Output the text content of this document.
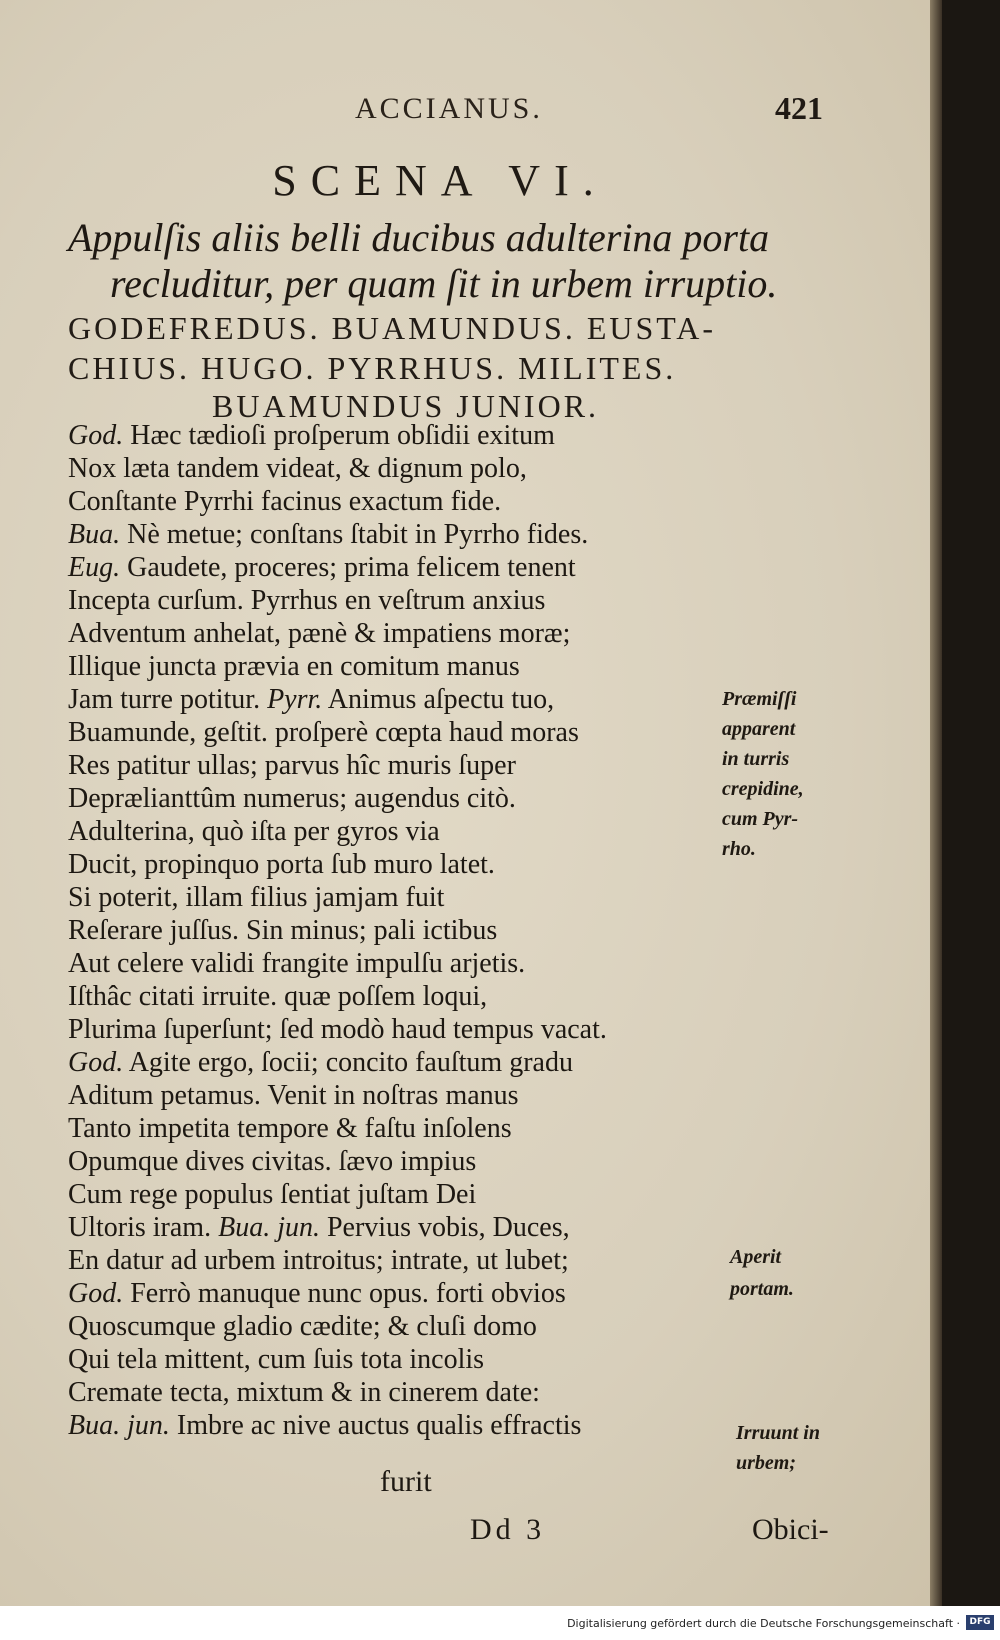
ACCIANUS.	421
SCENA VI.
Appulſis aliis belli ducibus adulterina porta
recluditur, per quam ſit in urbem irruptio.
GODEFREDUS. BUAMUNDUS. EUSTA-
CHIUS. HUGO. PYRRHUS. MILITES.
BUAMUNDUS JUNIOR.
God. Hæc tædioſi proſperum obſidii exitum
Nox læta tandem videat, & dignum polo,
Conſtante Pyrrhi facinus exactum fide.
Bua. Nè metue; conſtans ſtabit in Pyrrho fides.
Eug. Gaudete, proceres; prima felicem tenent
Incepta curſum. Pyrrhus en veſtrum anxius
Adventum anhelat, pænè & impatiens moræ;
Illique juncta prævia en comitum manus
Jam turre potitur. Pyrr. Animus aſpectu tuo,
Buamunde, geſtit. proſperè cœpta haud moras
Res patitur ullas; parvus hîc muris ſuper
Deprælianttûm numerus; augendus citò.
Adulterina, quò iſta per gyros via
Ducit, propinquo porta ſub muro latet.
Si poterit, illam filius jamjam fuit
Reſerare juſſus. Sin minus; pali ictibus
Aut celere validi frangite impulſu arjetis.
Iſthâc citati irruite. quæ poſſem loqui,
Plurima ſuperſunt; ſed modò haud tempus vacat.
God. Agite ergo, ſocii; concito fauſtum gradu
Aditum petamus. Venit in noſtras manus
Tanto impetita tempore & faſtu inſolens
Opumque dives civitas. ſævo impius
Cum rege populus ſentiat juſtam Dei
Ultoris iram. Bua. jun. Pervius vobis, Duces,
En datur ad urbem introitus; intrate, ut lubet;
God. Ferrò manuque nunc opus. forti obvios
Quoscumque gladio cædite; & cluſi domo
Qui tela mittent, cum ſuis tota incolis
Cremate tecta, mixtum & in cinerem date:
Bua. jun. Imbre ac nive auctus qualis effractis
Præmiſſi
apparent
in turris
crepidine,
cum Pyr-
rho.
Aperit
portam.
Irruunt in
urbem;
furit
Dd 3	Obici-
Digitalisierung gefördert durch die Deutsche Forschungsgemeinschaft ·	DFG
